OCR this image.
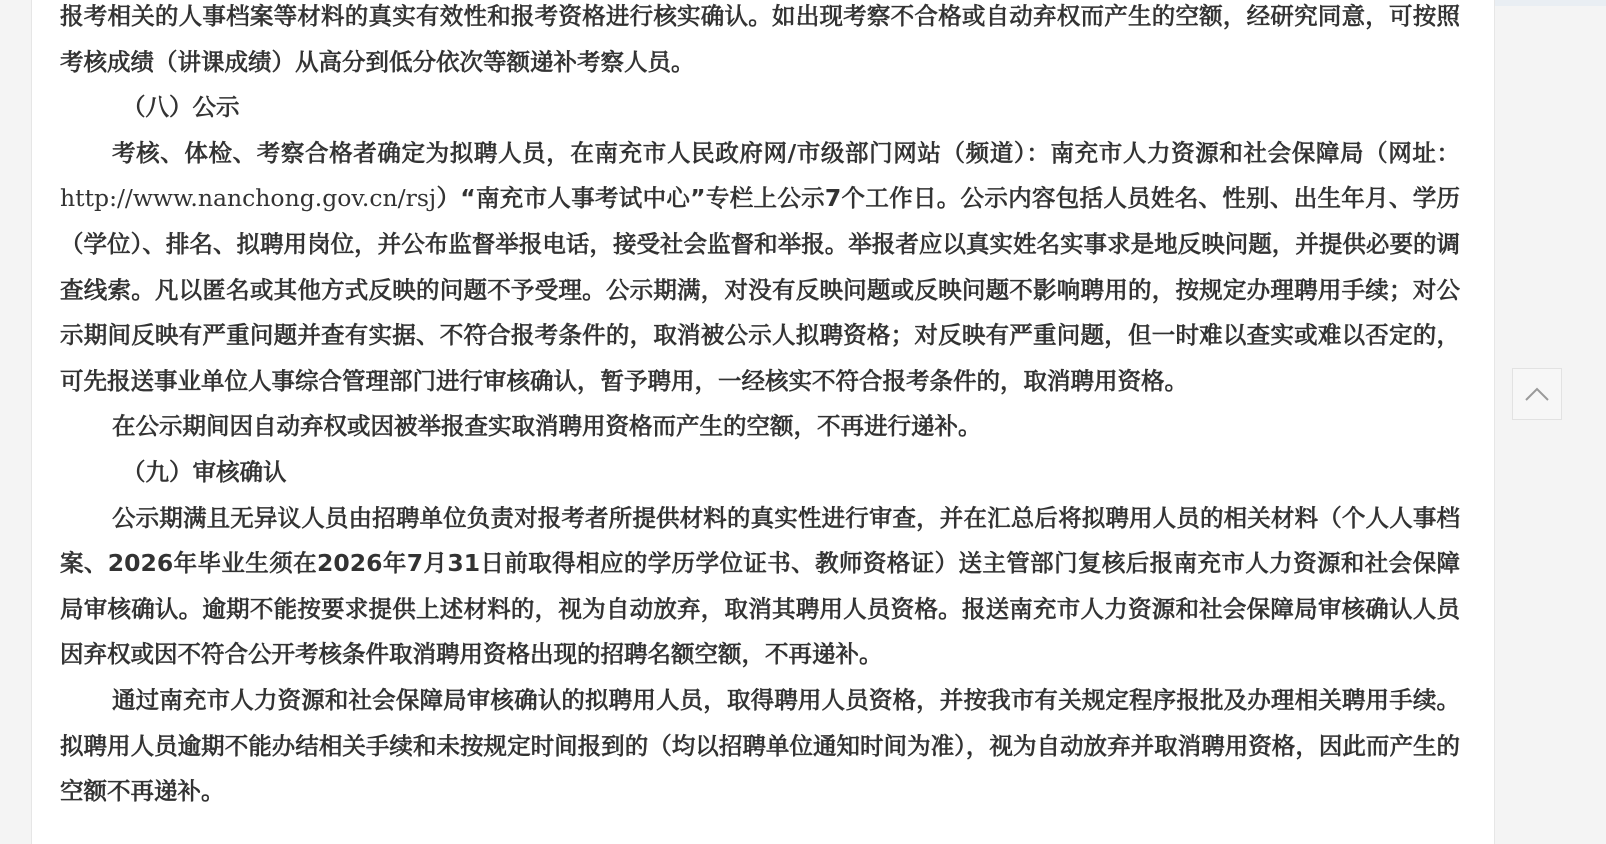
报考相关的人事档案等材料的真实有效性和报考资格进行核实确认。如出现考察不合格或自动弃权而产生的空额，经研究同意，可按照考核成绩（讲课成绩）从高分到低分依次等额递补考察人员。

（八）公示

考核、体检、考察合格者确定为拟聘人员，在南充市人民政府网/市级部门网站（频道）：南充市人力资源和社会保障局（网址：http://www.nanchong.gov.cn/rsj）“南充市人事考试中心”专栏上公示7个工作日。公示内容包括人员姓名、性别、出生年月、学历（学位）、排名、拟聘用岗位，并公布监督举报电话，接受社会监督和举报。举报者应以真实姓名实事求是地反映问题，并提供必要的调查线索。凡以匿名或其他方式反映的问题不予受理。公示期满，对没有反映问题或反映问题不影响聘用的，按规定办理聘用手续；对公示期间反映有严重问题并查有实据、不符合报考条件的，取消被公示人拟聘资格；对反映有严重问题，但一时难以查实或难以否定的，可先报送事业单位人事综合管理部门进行审核确认，暂予聘用，一经核实不符合报考条件的，取消聘用资格。

在公示期间因自动弃权或因被举报查实取消聘用资格而产生的空额，不再进行递补。

（九）审核确认

公示期满且无异议人员由招聘单位负责对报考者所提供材料的真实性进行审查，并在汇总后将拟聘用人员的相关材料（个人人事档案、2026年毕业生须在2026年7月31日前取得相应的学历学位证书、教师资格证）送主管部门复核后报南充市人力资源和社会保障局审核确认。逾期不能按要求提供上述材料的，视为自动放弃，取消其聘用人员资格。报送南充市人力资源和社会保障局审核确认人员因弃权或因不符合公开考核条件取消聘用资格出现的招聘名额空额，不再递补。

通过南充市人力资源和社会保障局审核确认的拟聘用人员，取得聘用人员资格，并按我市有关规定程序报批及办理相关聘用手续。拟聘用人员逾期不能办结相关手续和未按规定时间报到的（均以招聘单位通知时间为准），视为自动放弃并取消聘用资格，因此而产生的空额不再递补。
